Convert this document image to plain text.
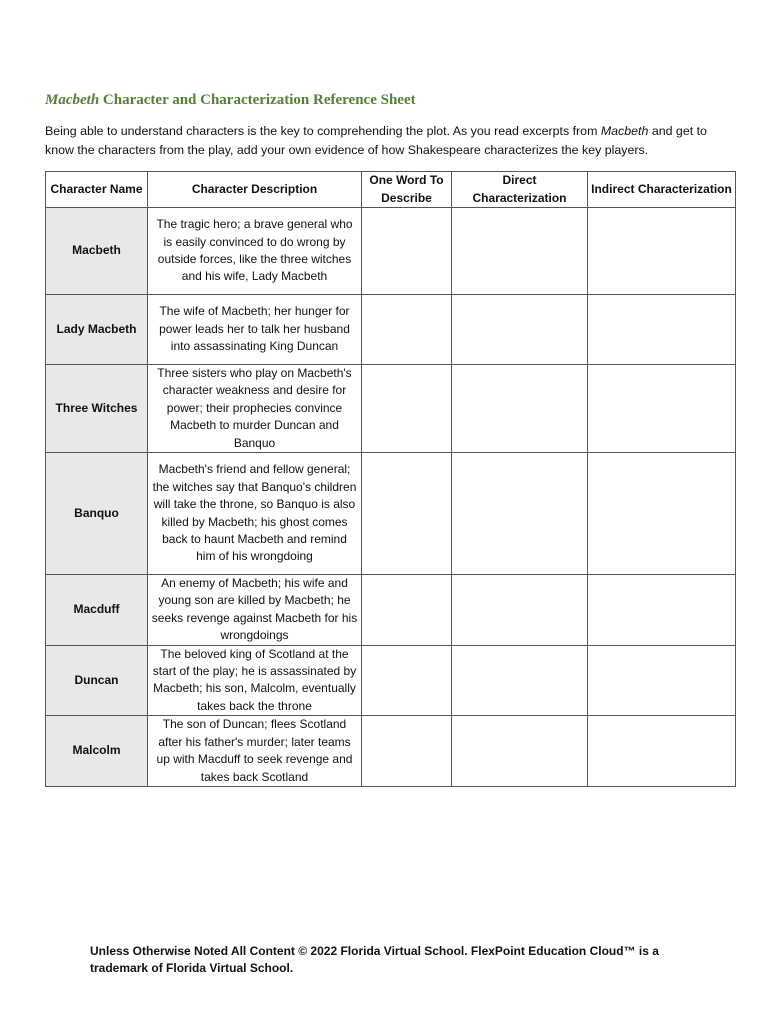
Macbeth Character and Characterization Reference Sheet

Being able to understand characters is the key to comprehending the plot. As you read excerpts from Macbeth and get to know the characters from the play, add your own evidence of how Shakespeare characterizes the key players.

Character Name	Character Description	One Word To Describe	Direct Characterization	Indirect Characterization
Macbeth	The tragic hero; a brave general who is easily convinced to do wrong by outside forces, like the three witches and his wife, Lady Macbeth			
Lady Macbeth	The wife of Macbeth; her hunger for power leads her to talk her husband into assassinating King Duncan			
Three Witches	Three sisters who play on Macbeth's character weakness and desire for power; their prophecies convince Macbeth to murder Duncan and Banquo			
Banquo	Macbeth's friend and fellow general; the witches say that Banquo's children will take the throne, so Banquo is also killed by Macbeth; his ghost comes back to haunt Macbeth and remind him of his wrongdoing			
Macduff	An enemy of Macbeth; his wife and young son are killed by Macbeth; he seeks revenge against Macbeth for his wrongdoings			
Duncan	The beloved king of Scotland at the start of the play; he is assassinated by Macbeth; his son, Malcolm, eventually takes back the throne			
Malcolm	The son of Duncan; flees Scotland after his father's murder; later teams up with Macduff to seek revenge and takes back Scotland			

Unless Otherwise Noted All Content © 2022 Florida Virtual School. FlexPoint Education Cloud™ is a trademark of Florida Virtual School.
